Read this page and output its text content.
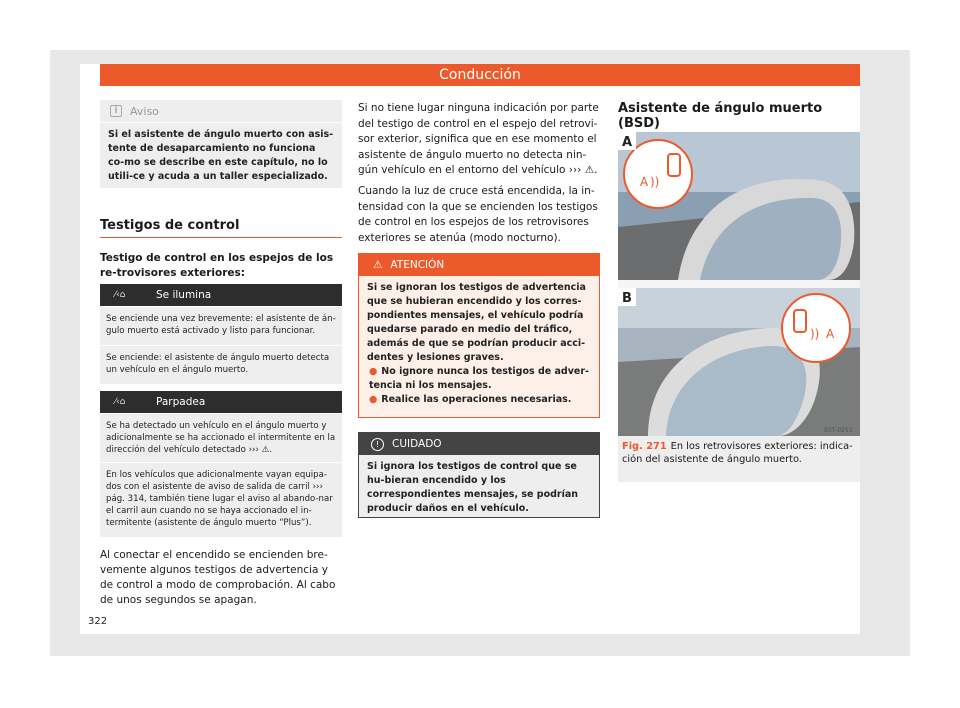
Conducción
i	Aviso
Si el asistente de ángulo muerto con asis-tente de desaparcamiento no funciona co-mo se describe en este capítulo, no lo utili-ce y acuda a un taller especializado.
Testigos de control
Testigo de control en los espejos de los re-trovisores exteriores:
⁄‹⌂	Se ilumina
Se enciende una vez brevemente: el asistente de án-gulo muerto está activado y listo para funcionar.
Se enciende: el asistente de ángulo muerto detecta un vehículo en el ángulo muerto.
⁄‹⌂	Parpadea
Se ha detectado un vehículo en el ángulo muerto y adicionalmente se ha accionado el intermitente en la dirección del vehículo detectado ››› ⚠.
En los vehículos que adicionalmente vayan equipa-dos con el asistente de aviso de salida de carril ››› pág. 314, también tiene lugar el aviso al abando-nar el carril aun cuando no se haya accionado el in-termitente (asistente de ángulo muerto “Plus”).
Al conectar el encendido se encienden bre-vemente algunos testigos de advertencia y de control a modo de comprobación. Al cabo de unos segundos se apagan.
322
Si no tiene lugar ninguna indicación por parte del testigo de control en el espejo del retrovi-sor exterior, significa que en ese momento el asistente de ángulo muerto no detecta nin-gún vehículo en el entorno del vehículo ››› ⚠.
Cuando la luz de cruce está encendida, la in-tensidad con la que se encienden los testigos de control en los espejos de los retrovisores exteriores se atenúa (modo nocturno).
⚠ ATENCIÓN
Si se ignoran los testigos de advertencia que se hubieran encendido y los corres-pondientes mensajes, el vehículo podría quedarse parado en medio del tráfico, además de que se podrían producir acci-dentes y lesiones graves.
● No ignore nunca los testigos de adver-tencia ni los mensajes.
● Realice las operaciones necesarias.
!	CUIDADO
Si ignora los testigos de control que se hu-bieran encendido y los correspondientes mensajes, se podrían producir daños en el vehículo.
Asistente de ángulo muerto (BSD)
A ))
A
)) A
B
B5T-0253
Fig. 271 En los retrovisores exteriores: indica-ción del asistente de ángulo muerto.
